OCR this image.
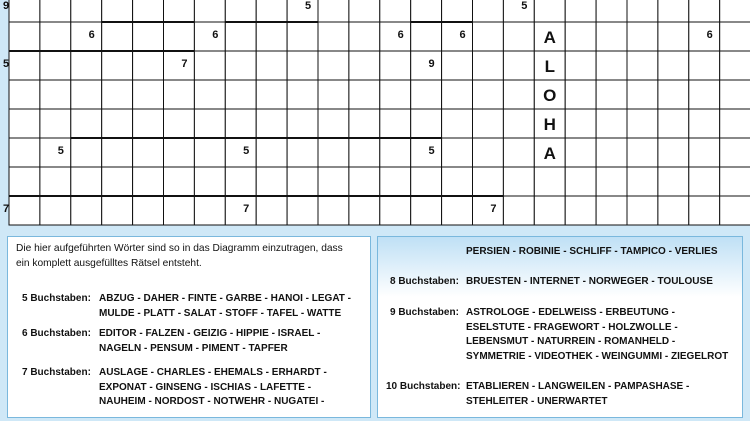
9	5	5
6	6	6	6	6
5	7	9
5	5	5
7	7	7
A
L
O
H
A
Die hier aufgeführten Wörter sind so in das Diagramm einzutragen, dass
ein komplett ausgefülltes Rätsel entsteht.
5 Buchstaben: ABZUG - DAHER - FINTE - GARBE - HANOI - LEGAT -
MULDE - PLATT - SALAT - STOFF - TAFEL - WATTE
6 Buchstaben: EDITOR - FALZEN - GEIZIG - HIPPIE - ISRAEL -
NAGELN - PENSUM - PIMENT - TAPFER
7 Buchstaben: AUSLAGE - CHARLES - EHEMALS - ERHARDT -
EXPONAT - GINSENG - ISCHIAS - LAFETTE -
NAUHEIM - NORDOST - NOTWEHR - NUGATEI -
PERSIEN - ROBINIE - SCHLIFF - TAMPICO - VERLIES
8 Buchstaben: BRUESTEN - INTERNET - NORWEGER - TOULOUSE
9 Buchstaben: ASTROLOGE - EDELWEISS - ERBEUTUNG -
ESELSTUTE - FRAGEWORT - HOLZWOLLE -
LEBENSMUT - NATURREIN - ROMANHELD -
SYMMETRIE - VIDEOTHEK - WEINGUMMI - ZIEGELROT
10 Buchstaben: ETABLIEREN - LANGWEILEN - PAMPASHASE -
STEHLEITER - UNERWARTET
